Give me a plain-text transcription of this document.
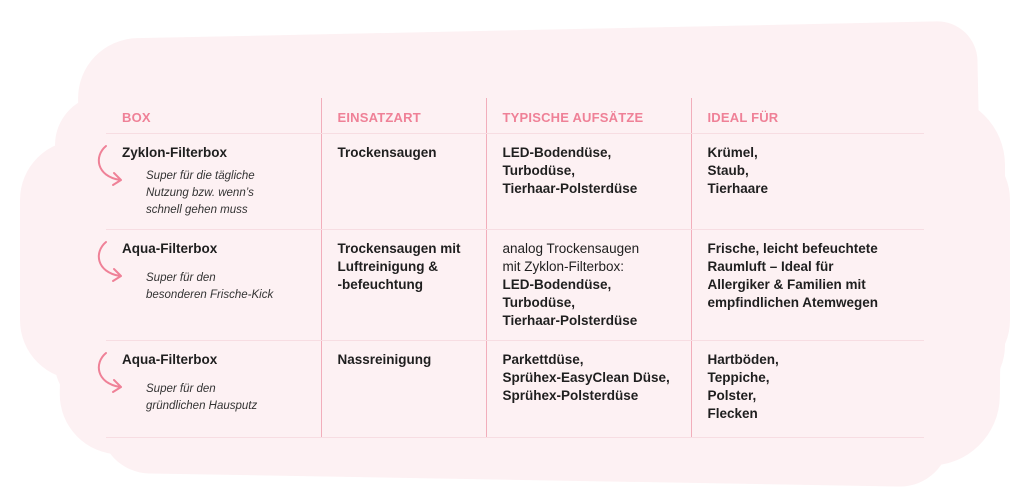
BOX	EINSATZART	TYPISCHE AUFSÄTZE	IDEAL FÜR

Zyklon-Filterbox
Super für die tägliche
Nutzung bzw. wenn’s
schnell gehen muss	Trockensaugen	LED-Bodendüse,
Turbodüse,
Tierhaar-Polsterdüse	Krümel,
Staub,
Tierhaare

Aqua-Filterbox
Super für den
besonderen Frische-Kick	Trockensaugen mit
Luftreinigung &
-befeuchtung	analog Trockensaugen
mit Zyklon-Filterbox:
LED-Bodendüse,
Turbodüse,
Tierhaar-Polsterdüse	Frische, leicht befeuchtete
Raumluft – Ideal für
Allergiker & Familien mit
empfindlichen Atemwegen

Aqua-Filterbox
Super für den
gründlichen Hausputz	Nassreinigung	Parkettdüse,
Sprühex-EasyClean Düse,
Sprühex-Polsterdüse	Hartböden,
Teppiche,
Polster,
Flecken
